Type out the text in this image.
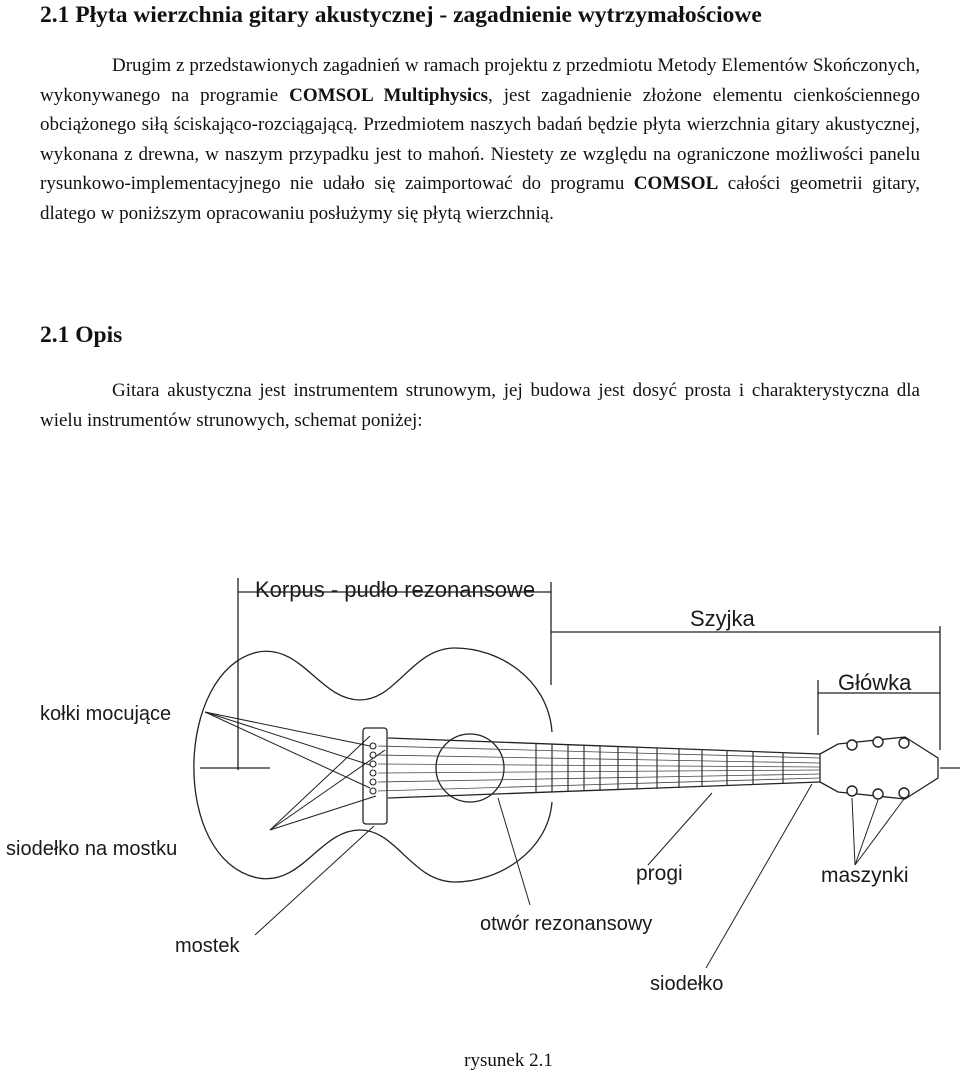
2.1 Płyta wierzchnia gitary akustycznej - zagadnienie wytrzymałościowe

Drugim z przedstawionych zagadnień w ramach projektu z przedmiotu Metody Elementów Skończonych, wykonywanego na programie COMSOL Multiphysics, jest zagadnienie złożone elementu cienkościennego obciążonego siłą ściskająco-rozciągającą. Przedmiotem naszych badań będzie płyta wierzchnia gitary akustycznej, wykonana z drewna, w naszym przypadku jest to mahoń. Niestety ze względu na ograniczone możliwości panelu rysunkowo-implementacyjnego nie udało się zaimportować do programu COMSOL całości geometrii gitary, dlatego w poniższym opracowaniu posłużymy się płytą wierzchnią.

2.1 Opis

Gitara akustyczna jest instrumentem strunowym, jej budowa jest dosyć prosta i charakterystyczna dla wielu instrumentów strunowych, schemat poniżej:

Korpus - pudło rezonansowe
Szyjka
Główka
kołki mocujące
siodełko na mostku
progi	maszynki
otwór rezonansowy
mostek
siodełko
rysunek 2.1
